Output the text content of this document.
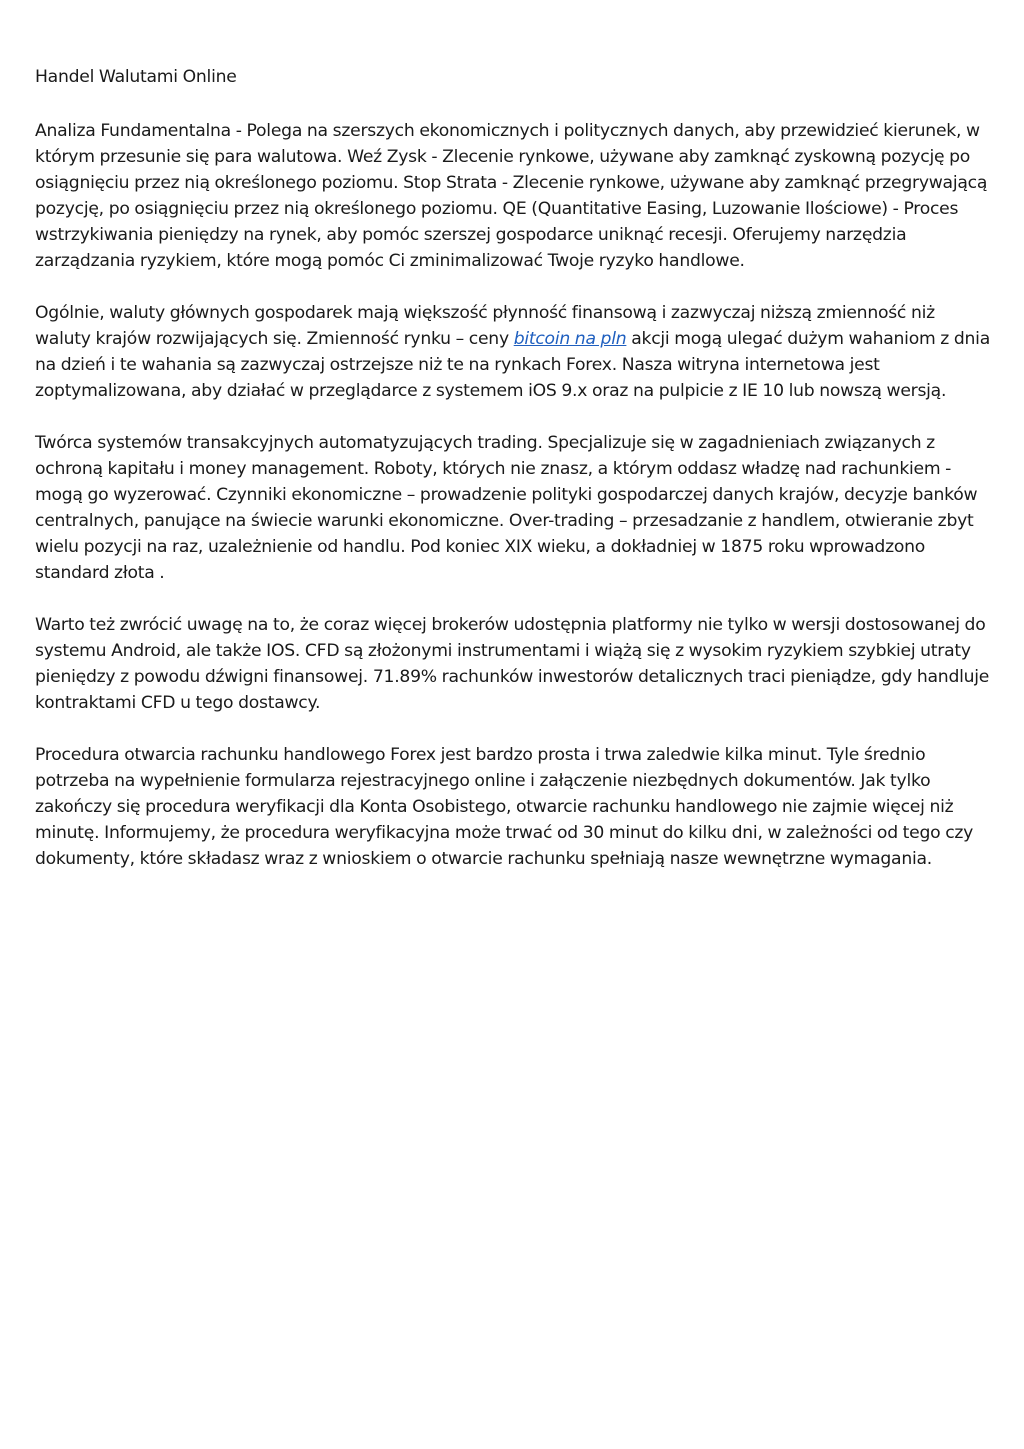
Handel Walutami Online

Analiza Fundamentalna - Polega na szerszych ekonomicznych i politycznych danych, aby przewidzieć kierunek, w którym przesunie się para walutowa. Weź Zysk - Zlecenie rynkowe, używane aby zamknąć zyskowną pozycję po osiągnięciu przez nią określonego poziomu. Stop Strata - Zlecenie rynkowe, używane aby zamknąć przegrywającą pozycję, po osiągnięciu przez nią określonego poziomu. QE (Quantitative Easing, Luzowanie Ilościowe) - Proces wstrzykiwania pieniędzy na rynek, aby pomóc szerszej gospodarce uniknąć recesji. Oferujemy narzędzia zarządzania ryzykiem, które mogą pomóc Ci zminimalizować Twoje ryzyko handlowe.

Ogólnie, waluty głównych gospodarek mają większość płynność finansową i zazwyczaj niższą zmienność niż waluty krajów rozwijających się. Zmienność rynku – ceny bitcoin na pln akcji mogą ulegać dużym wahaniom z dnia na dzień i te wahania są zazwyczaj ostrzejsze niż te na rynkach Forex. Nasza witryna internetowa jest zoptymalizowana, aby działać w przeglądarce z systemem iOS 9.x oraz na pulpicie z IE 10 lub nowszą wersją.

Twórca systemów transakcyjnych automatyzujących trading. Specjalizuje się w zagadnieniach związanych z ochroną kapitału i money management. Roboty, których nie znasz, a którym oddasz władzę nad rachunkiem - mogą go wyzerować. Czynniki ekonomiczne – prowadzenie polityki gospodarczej danych krajów, decyzje banków centralnych, panujące na świecie warunki ekonomiczne. Over-trading – przesadzanie z handlem, otwieranie zbyt wielu pozycji na raz, uzależnienie od handlu. Pod koniec XIX wieku, a dokładniej w 1875 roku wprowadzono standard złota .

Warto też zwrócić uwagę na to, że coraz więcej brokerów udostępnia platformy nie tylko w wersji dostosowanej do systemu Android, ale także IOS. CFD są złożonymi instrumentami i wiążą się z wysokim ryzykiem szybkiej utraty pieniędzy z powodu dźwigni finansowej. 71.89% rachunków inwestorów detalicznych traci pieniądze, gdy handluje kontraktami CFD u tego dostawcy.

Procedura otwarcia rachunku handlowego Forex jest bardzo prosta i trwa zaledwie kilka minut. Tyle średnio potrzeba na wypełnienie formularza rejestracyjnego online i załączenie niezbędnych dokumentów. Jak tylko zakończy się procedura weryfikacji dla Konta Osobistego, otwarcie rachunku handlowego nie zajmie więcej niż minutę. Informujemy, że procedura weryfikacyjna może trwać od 30 minut do kilku dni, w zależności od tego czy dokumenty, które składasz wraz z wnioskiem o otwarcie rachunku spełniają nasze wewnętrzne wymagania.
